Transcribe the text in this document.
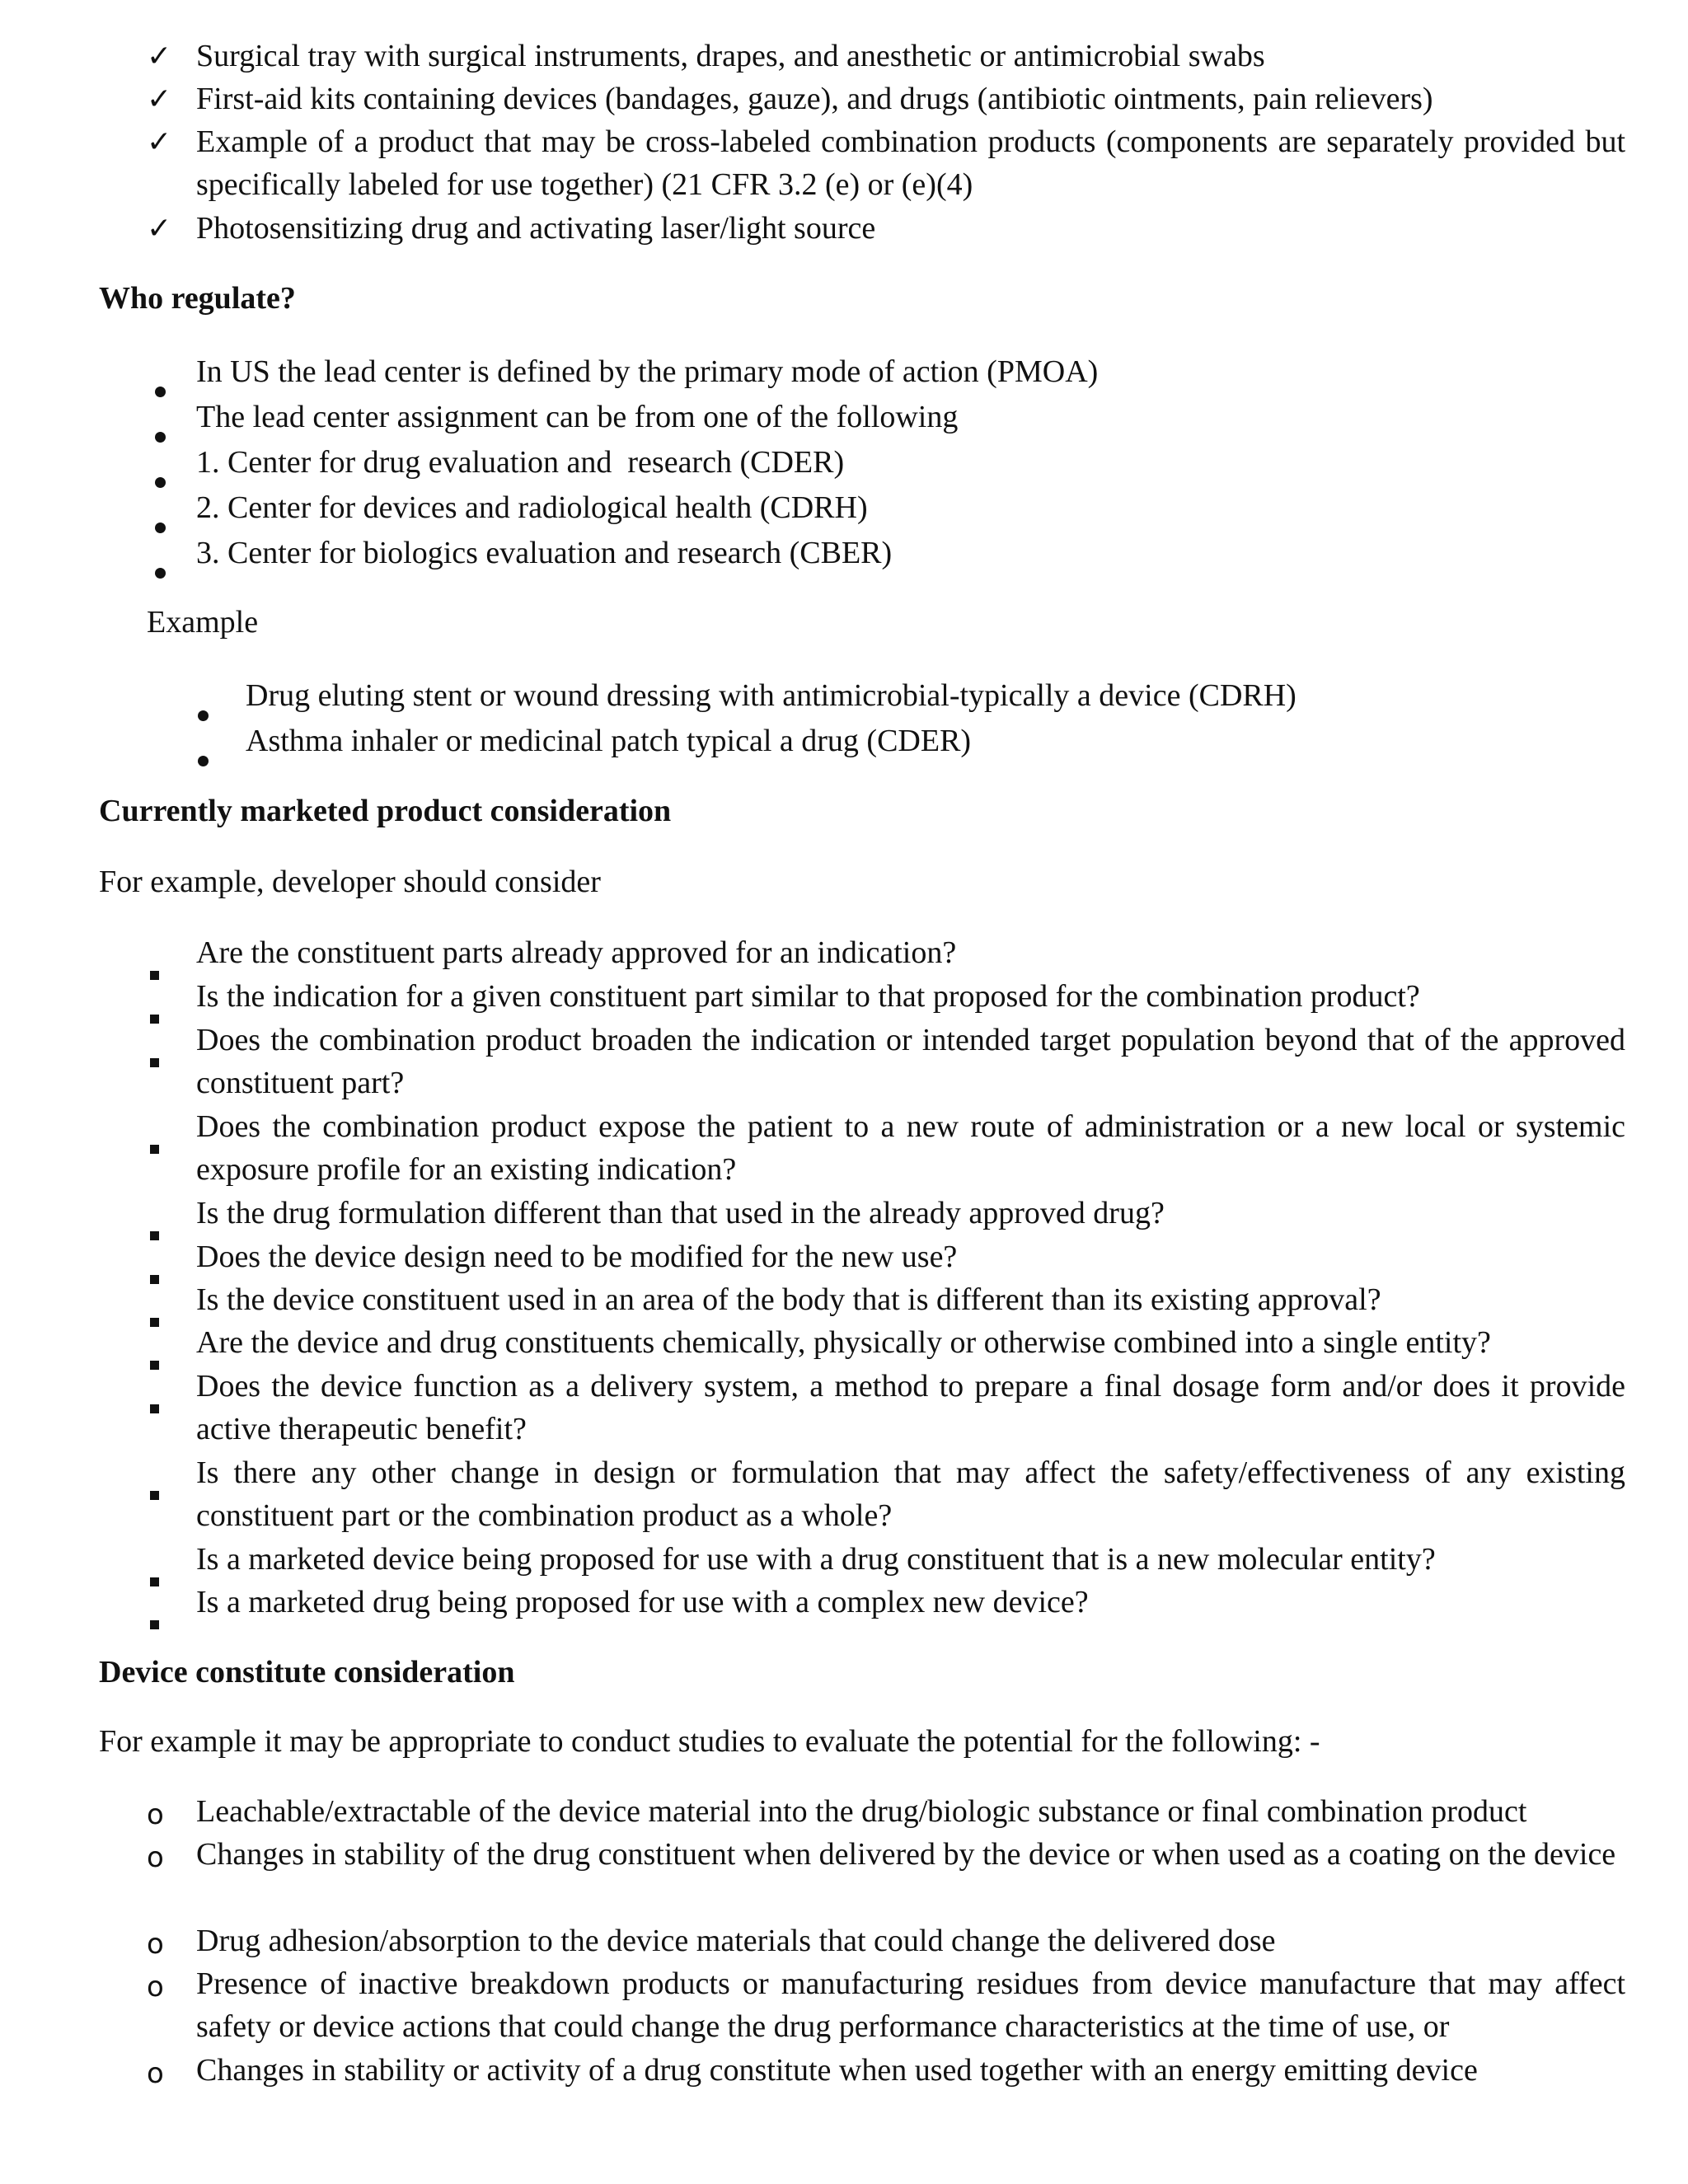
✓ Surgical tray with surgical instruments, drapes, and anesthetic or antimicrobial swabs
✓ First-aid kits containing devices (bandages, gauze), and drugs (antibiotic ointments, pain relievers)
✓ Example of a product that may be cross-labeled combination products (components are separately provided but specifically labeled for use together) (21 CFR 3.2 (e) or (e)(4)
✓ Photosensitizing drug and activating laser/light source
Who regulate?
In US the lead center is defined by the primary mode of action (PMOA)
The lead center assignment can be from one of the following
1. Center for drug evaluation and  research (CDER)
2. Center for devices and radiological health (CDRH)
3. Center for biologics evaluation and research (CBER)
Example
Drug eluting stent or wound dressing with antimicrobial-typically a device (CDRH)
Asthma inhaler or medicinal patch typical a drug (CDER)
Currently marketed product consideration
For example, developer should consider
Are the constituent parts already approved for an indication?
Is the indication for a given constituent part similar to that proposed for the combination product?
Does the combination product broaden the indication or intended target population beyond that of the approved constituent part?
Does the combination product expose the patient to a new route of administration or a new local or systemic exposure profile for an existing indication?
Is the drug formulation different than that used in the already approved drug?
Does the device design need to be modified for the new use?
Is the device constituent used in an area of the body that is different than its existing approval?
Are the device and drug constituents chemically, physically or otherwise combined into a single entity?
Does the device function as a delivery system, a method to prepare a final dosage form and/or does it provide active therapeutic benefit?
Is there any other change in design or formulation that may affect the safety/effectiveness of any existing constituent part or the combination product as a whole?
Is a marketed device being proposed for use with a drug constituent that is a new molecular entity?
Is a marketed drug being proposed for use with a complex new device?
Device constitute consideration
For example it may be appropriate to conduct studies to evaluate the potential for the following: -
o Leachable/extractable of the device material into the drug/biologic substance or final combination product
o Changes in stability of the drug constituent when delivered by the device or when used as a coating on the device
o Drug adhesion/absorption to the device materials that could change the delivered dose
o Presence of inactive breakdown products or manufacturing residues from device manufacture that may affect safety or device actions that could change the drug performance characteristics at the time of use, or
o Changes in stability or activity of a drug constitute when used together with an energy emitting device
